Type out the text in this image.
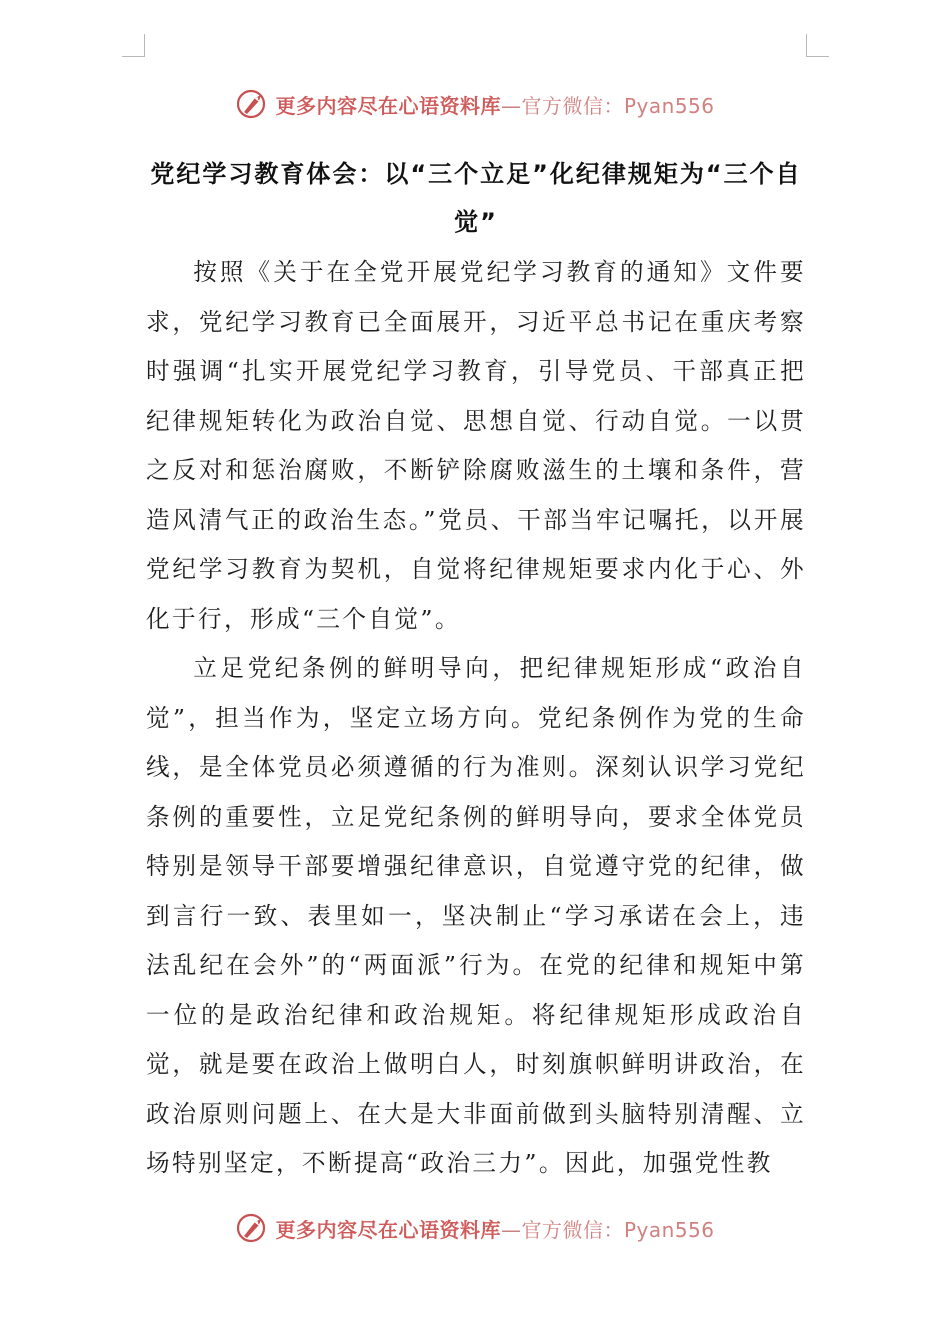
更多内容尽在心语资料库—官方微信：Pyan556
党纪学习教育体会：以“三个立足”化纪律规矩为“三个自觉”

按照《关于在全党开展党纪学习教育的通知》文件要求，党纪学习教育已全面展开，习近平总书记在重庆考察时强调“扎实开展党纪学习教育，引导党员、干部真正把纪律规矩转化为政治自觉、思想自觉、行动自觉。一以贯之反对和惩治腐败，不断铲除腐败滋生的土壤和条件，营造风清气正的政治生态。”党员、干部当牢记嘱托，以开展党纪学习教育为契机，自觉将纪律规矩要求内化于心、外化于行，形成“三个自觉”。

立足党纪条例的鲜明导向，把纪律规矩形成“政治自觉”，担当作为，坚定立场方向。党纪条例作为党的生命线，是全体党员必须遵循的行为准则。深刻认识学习党纪条例的重要性，立足党纪条例的鲜明导向，要求全体党员特别是领导干部要增强纪律意识，自觉遵守党的纪律，做到言行一致、表里如一，坚决制止“学习承诺在会上，违法乱纪在会外”的“两面派”行为。在党的纪律和规矩中第一位的是政治纪律和政治规矩。将纪律规矩形成政治自觉，就是要在政治上做明白人，时刻旗帜鲜明讲政治，在政治原则问题上、在大是大非面前做到头脑特别清醒、立场特别坚定，不断提高“政治三力”。因此，加强党性教

更多内容尽在心语资料库—官方微信：Pyan556
